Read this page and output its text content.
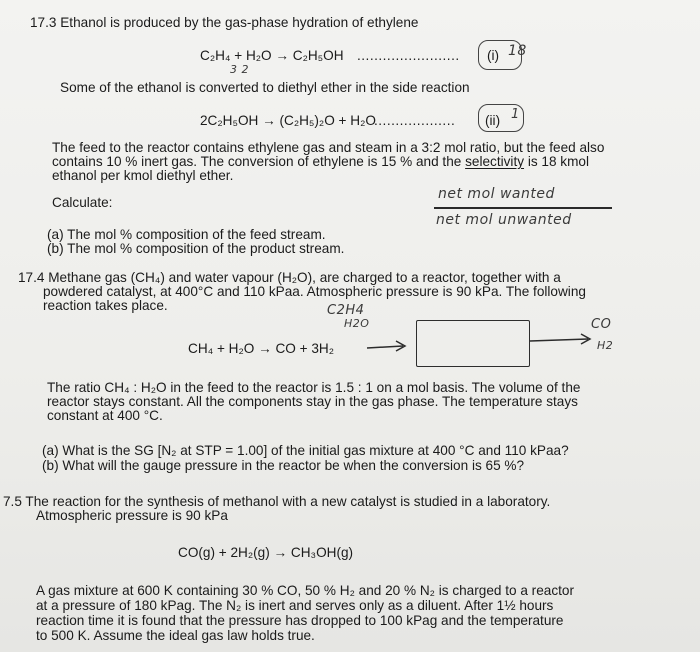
17.3 Ethanol is produced by the gas-phase hydration of ethylene
C₂H₄ + H₂O → C₂H₅OH ........................ (i) 18
3 2
Some of the ethanol is converted to diethyl ether in the side reaction
2C₂H₅OH → (C₂H₅)₂O + H₂O
................... (ii) 1
The feed to the reactor contains ethylene gas and steam in a 3:2 mol ratio, but the feed also
contains 10 % inert gas. The conversion of ethylene is 15 % and the selectivity is 18 kmol
ethanol per kmol diethyl ether.
Calculate:
net mol wanted
net mol unwanted
(a) The mol % composition of the feed stream.
(b) The mol % composition of the product stream.
17.4 Methane gas (CH₄) and water vapour (H₂O), are charged to a reactor, together with a
powdered catalyst, at 400°C and 110 kPaa. Atmospheric pressure is 90 kPa. The following
reaction takes place.	C2H4
H2O
CH₄ + H₂O → CO + 3H₂
CO
H2
The ratio CH₄ : H₂O in the feed to the reactor is 1.5 : 1 on a mol basis. The volume of the
reactor stays constant. All the components stay in the gas phase. The temperature stays
constant at 400 °C.
(a) What is the SG [N₂ at STP = 1.00] of the initial gas mixture at 400 °C and 110 kPaa?
(b) What will the gauge pressure in the reactor be when the conversion is 65 %?
7.5 The reaction for the synthesis of methanol with a new catalyst is studied in a laboratory.
Atmospheric pressure is 90 kPa
CO(g) + 2H₂(g) → CH₃OH(g)
A gas mixture at 600 K containing 30 % CO, 50 % H₂ and 20 % N₂ is charged to a reactor
at a pressure of 180 kPag. The N₂ is inert and serves only as a diluent. After 1½ hours
reaction time it is found that the pressure has dropped to 100 kPag and the temperature
to 500 K. Assume the ideal gas law holds true.
